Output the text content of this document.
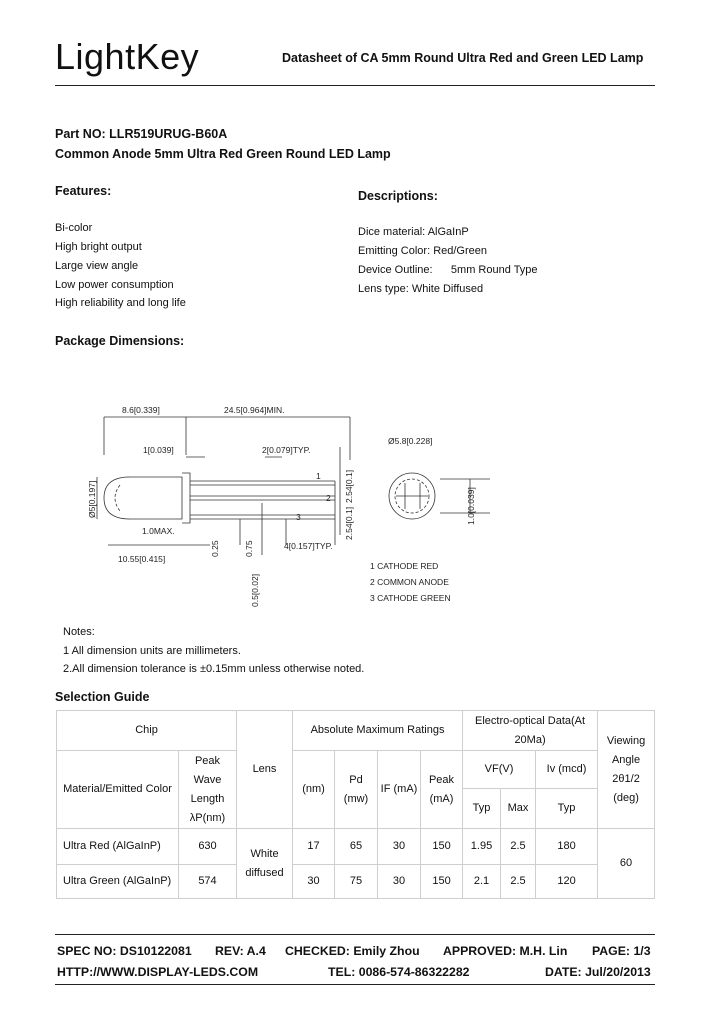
LightKey	Datasheet of CA 5mm Round Ultra Red and Green LED Lamp
Part NO: LLR519URUG-B60A
Common Anode 5mm Ultra Red Green Round LED Lamp
Features:
Bi-color
High bright output
Large view angle
Low power consumption
High reliability and long life
Descriptions:
Dice material: AlGaInP
Emitting Color: Red/Green
Device Outline:      5mm Round Type
Lens type: White Diffused
Package Dimensions:
8.6[0.339]	24.5[0.964]MIN.
1[0.039]	2[0.079]TYP.
1
2
3
1.0MAX.
4[0.157]TYP.
10.55[0.415]
Ø5.8[0.228]
Ø5[0.197]	2.54[0.1]
2.54[0.1]
0.5[0.02]
0.75
0.25
1.0[0.039]
1 CATHODE RED
2 COMMON ANODE
3 CATHODE GREEN
Notes:
1 All dimension units are millimeters.
2.All dimension tolerance is ±0.15mm unless otherwise noted.
Selection Guide
Chip		Lens	Absolute Maximum Ratings				Electro-optical Data(At 20Ma)			Viewing Angle 2θ1/2 (deg)
Material/Emitted Color	Peak Wave Length λP(nm)		(nm)	Pd (mw)	IF (mA)	Peak (mA)	VF(V)		Iv (mcd)	
							Typ	Max	Typ	
Ultra Red (AlGaInP)	630	White diffused	17	65	30	150	1.95	2.5	180	60
Ultra Green (AlGaInP)	574		30	75	30	150	2.1	2.5	120	
SPEC NO: DS10122081 REV: A.4 CHECKED: Emily Zhou APPROVED: M.H. Lin PAGE: 1/3
HTTP://WWW.DISPLAY-LEDS.COM	TEL: 0086-574-86322282	DATE: Jul/20/2013
